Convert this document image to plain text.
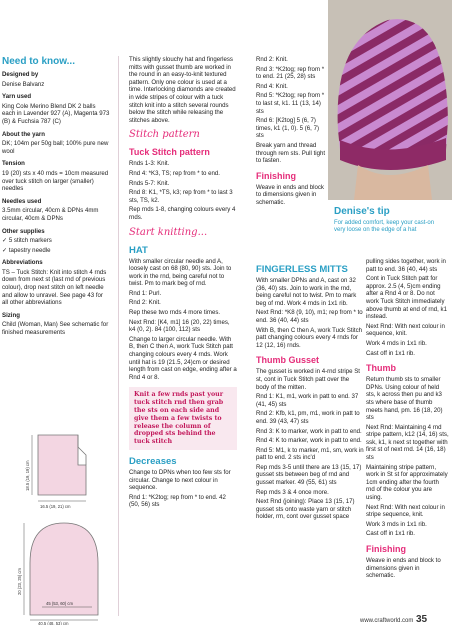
Need to know...

Designed by

Denise Balvanz

Yarn used

King Cole Merino Blend DK 2 balls each in Lavender 927 (A), Magenta 973 (B) & Fuchsia 787 (C)

About the yarn

DK; 104m per 50g ball; 100% pure new wool

Tension

19 (20) sts x 40 rnds = 10cm measured over tuck stitch on larger (smaller) needles

Needles used

3.5mm circular, 40cm & DPNs 4mm circular, 40cm & DPNs

Other supplies

✓ 5 stitch markers

✓ tapestry needle

Abbreviations

TS – Tuck Stitch: Knit into stitch 4 rnds down from next st (last rnd of previous colour), drop next stitch on left needle and allow to unravel. See page 43 for all other abbreviations

Sizing

Child (Woman, Man) See schematic for finished measurements

18.5 (19, 19) cm
16.5 (19, 21) cm
20 (23, 25) cm
45 (53, 60) cm
40.5 (48, 53) cm

This slightly slouchy hat and fingerless mitts with gusset thumb are worked in the round in an easy-to-knit textured pattern. Only one colour is used at a time. Interlocking diamonds are created in wide stripes of colour with a tuck stitch knit into a stitch several rounds below the stitch while releasing the stitches above.

Stitch pattern
Tuck Stitch pattern

Rnds 1-3: Knit.

Rnd 4: *K3, TS; rep from * to end.

Rnds 5-7: Knit.

Rnd 8: K1, *TS, k3; rep from * to last 3 sts, TS, k2.

Rep rnds 1-8, changing colours every 4 rnds.

Start knitting...
HAT

With smaller circular needle and A, loosely cast on 68 (80, 90) sts. Join to work in the rnd, being careful not to twist. Pm to mark beg of rnd.

Rnd 1: Purl.

Rnd 2: Knit.

Rep these two rnds 4 more times.

Next Rnd: [K4, m1] 16 (20, 22) times, k4 (0, 2). 84 (100, 112) sts

Change to larger circular needle. With B, then C then A, work Tuck Stitch patt changing colours every 4 rnds. Work until hat is 19 (21.5, 24)cm or desired length from cast on edge, ending after a Rnd 4 or 8.

Knit a few rnds past your tuck stitch rnd then grab the sts on each side and give them a few twists to release the column of dropped sts behind the tuck stitch
Decreases

Change to DPNs when too few sts for circular. Change to next colour in sequence.

Rnd 1: *K2tog; rep from * to end. 42 (50, 56) sts

Rnd 2: Knit.

Rnd 3: *K2tog; rep from * to end. 21 (25, 28) sts

Rnd 4: Knit.

Rnd 5: *K2tog; rep from * to last st, k1. 11 (13, 14) sts

Rnd 6: [K2tog] 5 (6, 7) times, k1 (1, 0). 5 (6, 7) sts

Break yarn and thread through rem sts. Pull tight to fasten.

Finishing

Weave in ends and block to dimensions given in schematic.

FINGERLESS MITTS

With smaller DPNs and A, cast on 32 (36, 40) sts. Join to work in the rnd, being careful not to twist. Pm to mark beg of rnd. Work 4 rnds in 1x1 rib.

Next Rnd: *K8 (9, 10), m1; rep from * to end. 36 (40, 44) sts

With B, then C then A, work Tuck Stitch patt changing colours every 4 rnds for 12 (12, 16) rnds.

Thumb Gusset

The gusset is worked in 4-rnd stripe St st, cont in Tuck Stitch patt over the body of the mitten.

Rnd 1: K1, m1, work in patt to end. 37 (41, 45) sts

Rnd 2: Kfb, k1, pm, m1, work in patt to end. 39 (43, 47) sts

Rnd 3: K to marker, work in patt to end.

Rnd 4: K to marker, work in patt to end.

Rnd 5: M1, k to marker, m1, sm, work in patt to end. 2 sts inc'd

Rep rnds 3-5 until there are 13 (15, 17) gusset sts between beg of rnd and gusset marker. 49 (55, 61) sts

Rep rnds 3 & 4 once more.

Next Rnd (joining): Place 13 (15, 17) gusset sts onto waste yarn or stitch holder, rm, cont over gusset space

pulling sides together, work in patt to end. 36 (40, 44) sts

Cont in Tuck Stitch patt for approx. 2.5 (4, 5)cm ending after a Rnd 4 or 8. Do not work Tuck Stitch immediately above thumb at end of rnd, k1 instead.

Next Rnd: With next colour in sequence, knit.

Work 4 rnds in 1x1 rib.

Cast off in 1x1 rib.

Thumb

Return thumb sts to smaller DPNs. Using colour of held sts, k across then pu and k3 sts where base of thumb meets hand, pm. 16 (18, 20) sts

Next Rnd: Maintaining 4 rnd stripe pattern, k12 (14, 16) sts, ssk, k1, k next st together with first st of next rnd. 14 (16, 18) sts

Maintaining stripe pattern, work in St st for approximately 1cm ending after the fourth rnd of the colour you are using.

Next Rnd: With next colour in stripe sequence, knit.

Work 3 rnds in 1x1 rib.

Cast off in 1x1 rib.

Finishing

Weave in ends and block to dimensions given in schematic.

Denise's tip
For added comfort, keep your cast-on very loose on the edge of a hat
www.craftworld.com 35
